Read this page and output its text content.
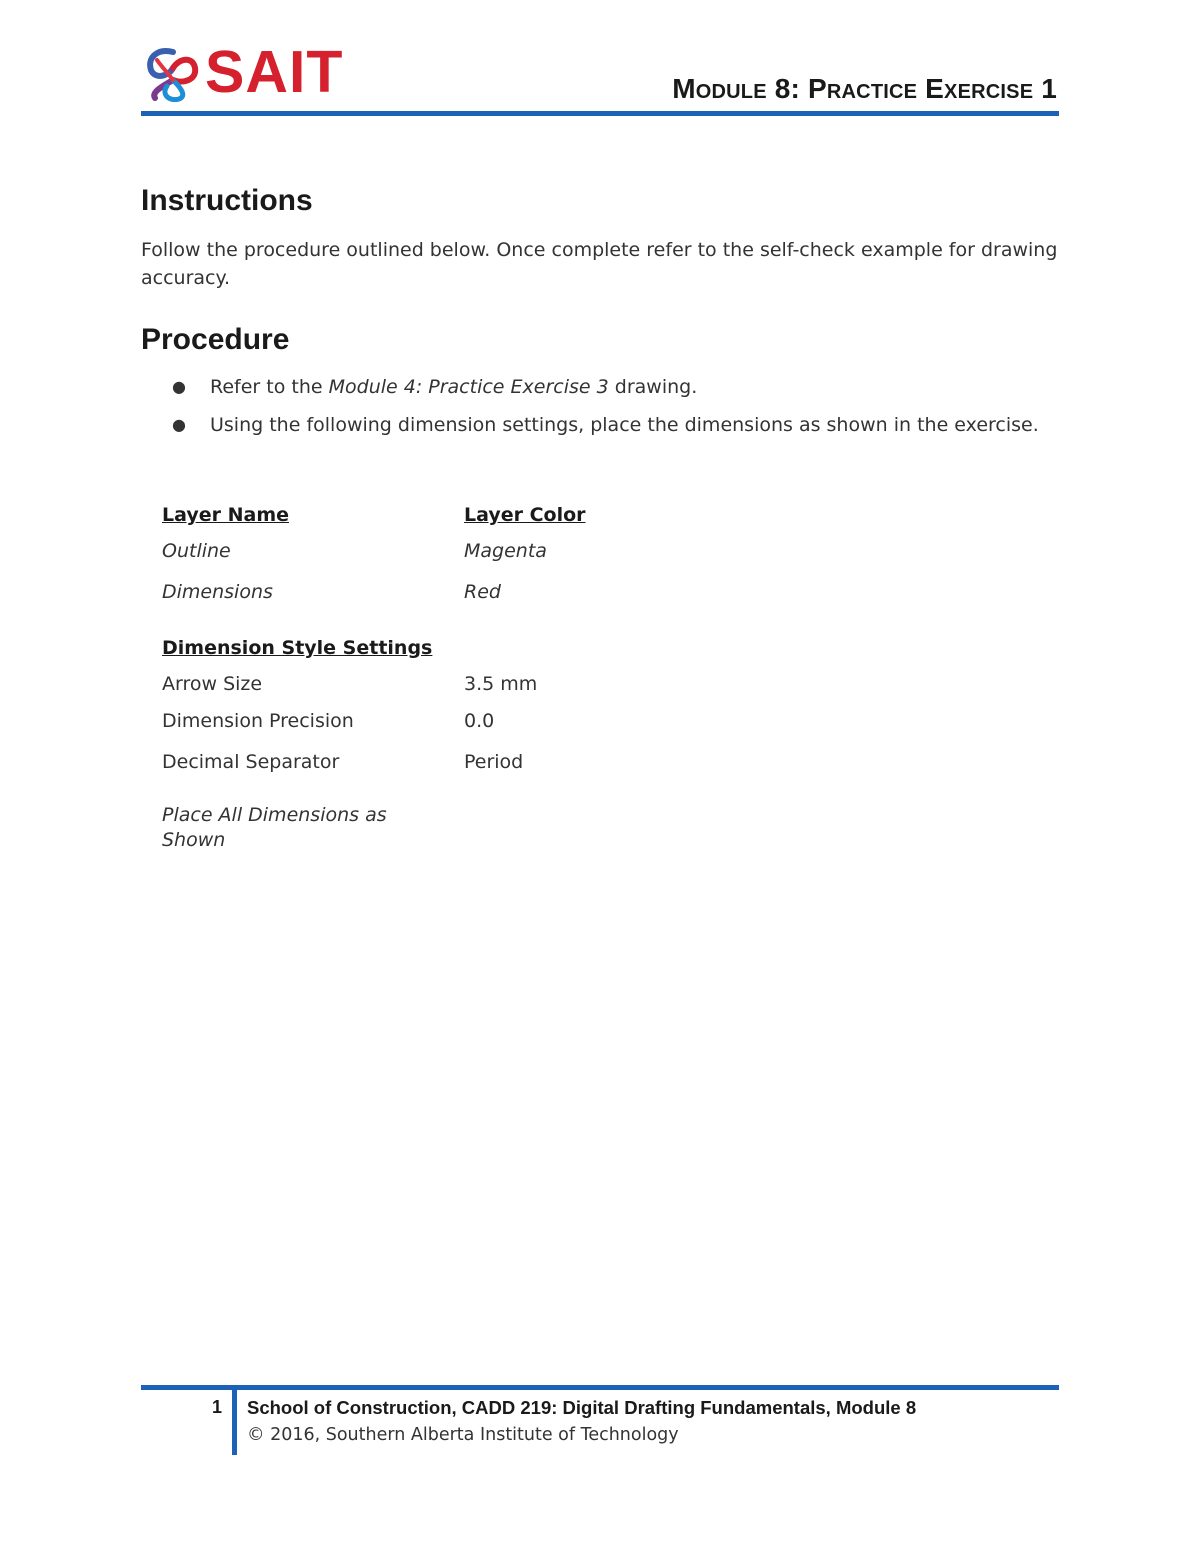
SAIT	Module 8: Practice Exercise 1
Instructions
Follow the procedure outlined below. Once complete refer to the self-check example for drawing accuracy.
Procedure
● Refer to the Module 4: Practice Exercise 3 drawing.
● Using the following dimension settings, place the dimensions as shown in the exercise.
Layer Name	Layer Color
Outline	Magenta
Dimensions	Red
Dimension Style Settings
Arrow Size	3.5 mm
Dimension Precision	0.0
Decimal Separator	Period
Place All Dimensions as Shown
1 School of Construction, CADD 219: Digital Drafting Fundamentals, Module 8
© 2016, Southern Alberta Institute of Technology
